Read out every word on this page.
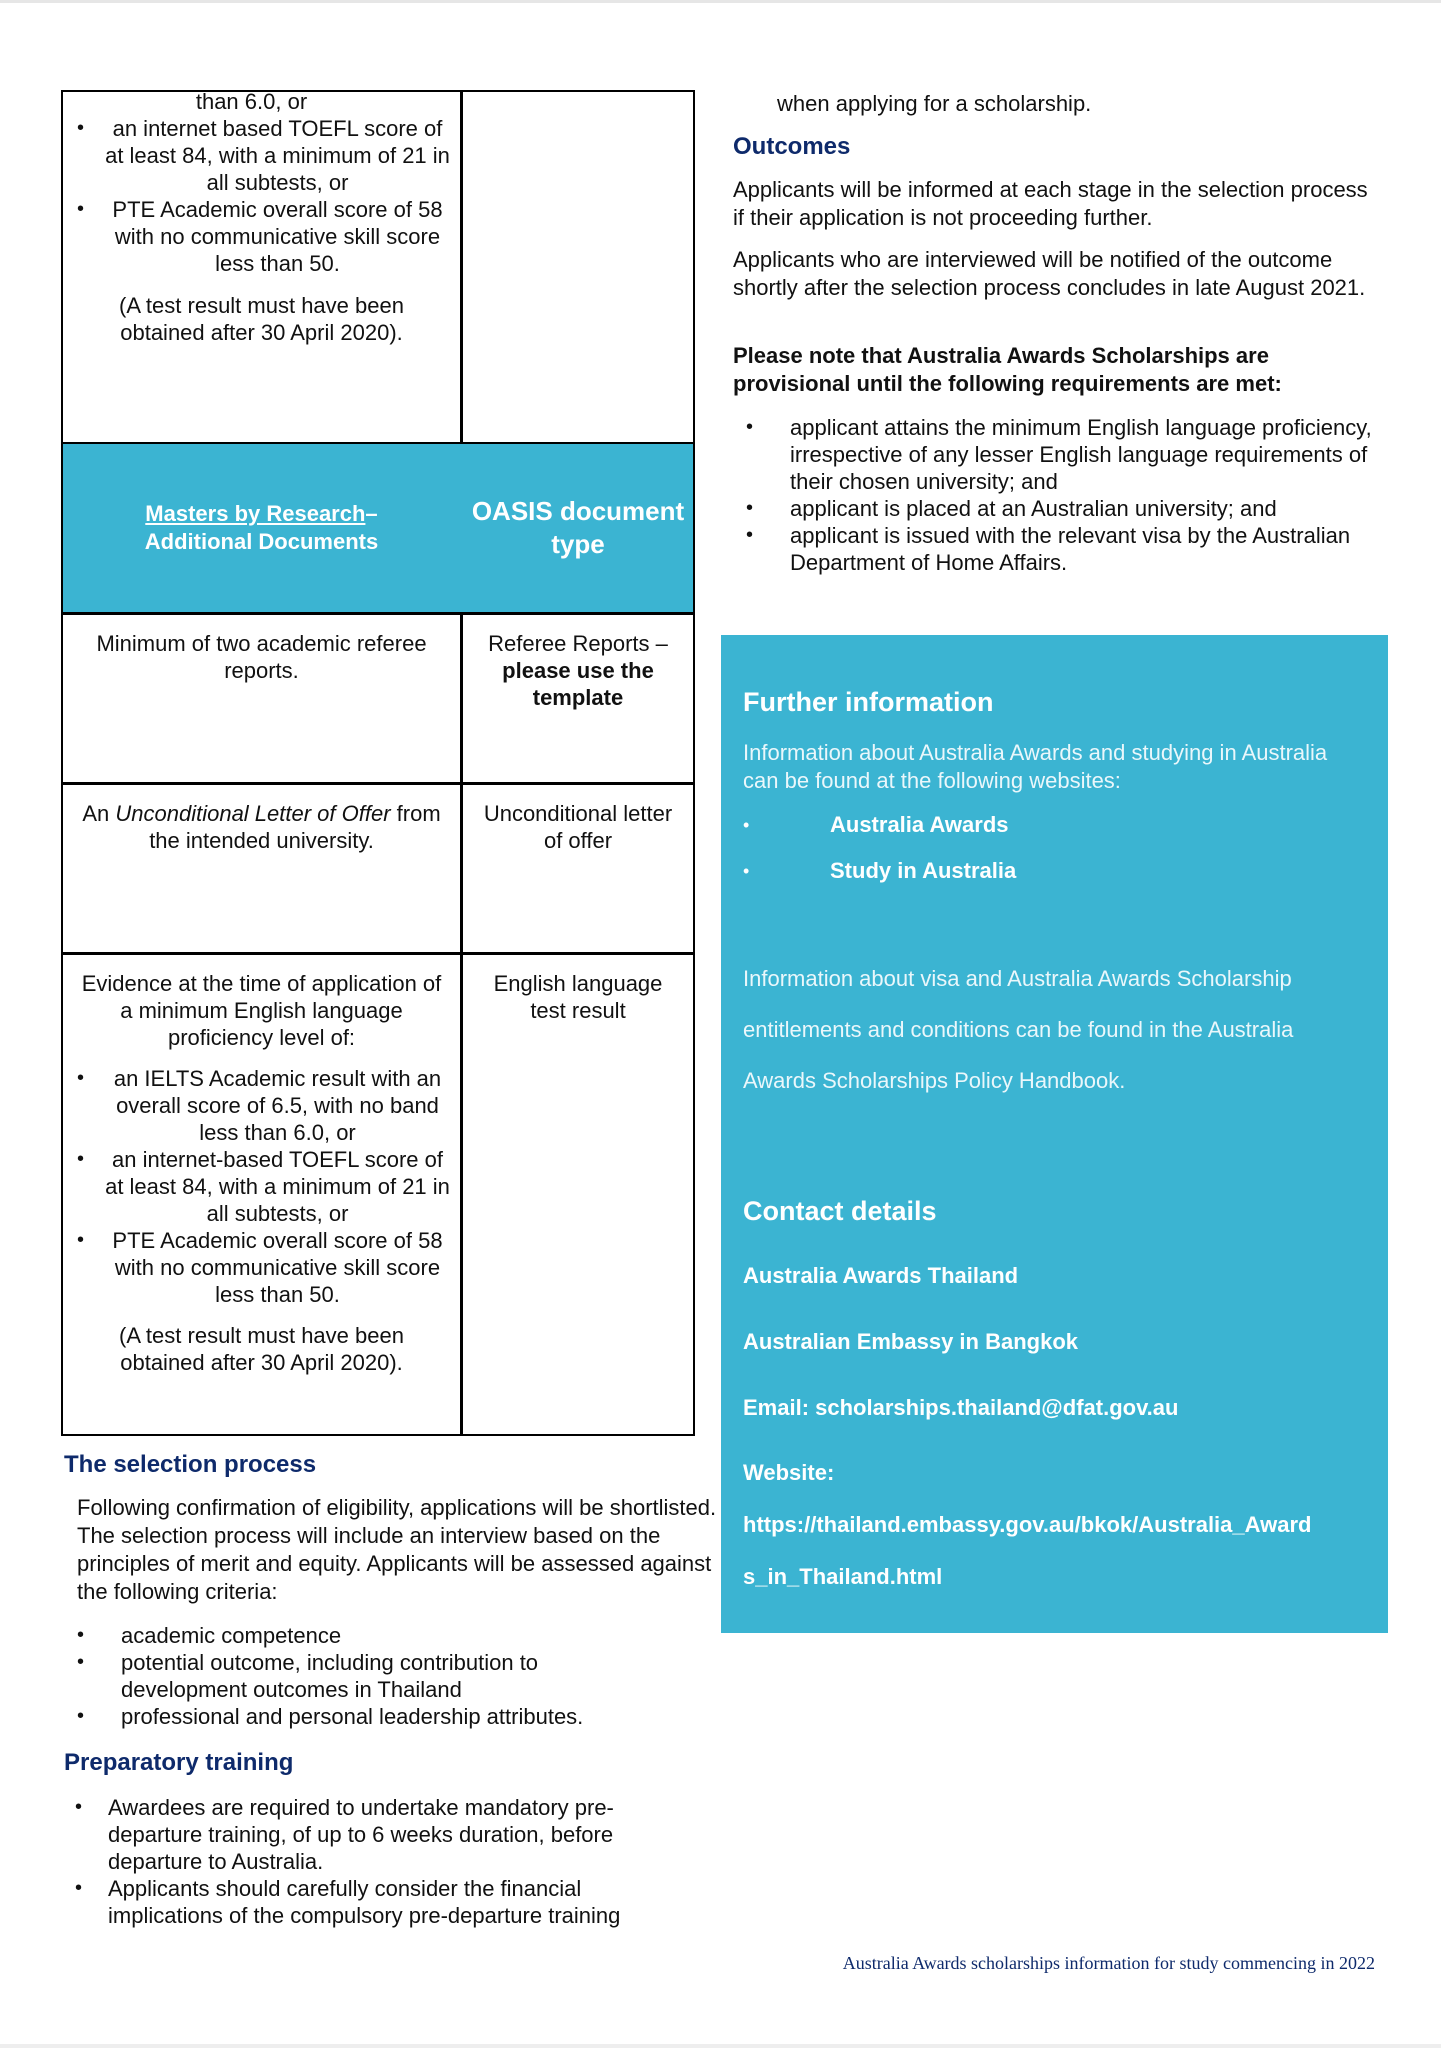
than 6.0, or
• an internet based TOEFL score of at least 84, with a minimum of 21 in all subtests, or
• PTE Academic overall score of 58 with no communicative skill score less than 50.
(A test result must have been obtained after 30 April 2020).
Masters by Research–
Additional Documents
OASIS document type
Minimum of two academic referee reports.
Referee Reports –
please use the template
An Unconditional Letter of Offer from the intended university.
Unconditional letter of offer
Evidence at the time of application of a minimum English language proficiency level of:
• an IELTS Academic result with an overall score of 6.5, with no band less than 6.0, or
• an internet-based TOEFL score of at least 84, with a minimum of 21 in all subtests, or
• PTE Academic overall score of 58 with no communicative skill score less than 50.
(A test result must have been obtained after 30 April 2020).
English language test result
The selection process
Following confirmation of eligibility, applications will be shortlisted. The selection process will include an interview based on the principles of merit and equity. Applicants will be assessed against the following criteria:
• academic competence
• potential outcome, including contribution to development outcomes in Thailand
• professional and personal leadership attributes.
Preparatory training
• Awardees are required to undertake mandatory pre-departure training, of up to 6 weeks duration, before departure to Australia.
• Applicants should carefully consider the financial implications of the compulsory pre-departure training
when applying for a scholarship.
Outcomes
Applicants will be informed at each stage in the selection process if their application is not proceeding further.
Applicants who are interviewed will be notified of the outcome shortly after the selection process concludes in late August 2021.
Please note that Australia Awards Scholarships are provisional until the following requirements are met:
• applicant attains the minimum English language proficiency, irrespective of any lesser English language requirements of their chosen university; and
• applicant is placed at an Australian university; and
• applicant is issued with the relevant visa by the Australian Department of Home Affairs.
Further information
Information about Australia Awards and studying in Australia can be found at the following websites:
•	Australia Awards
•	Study in Australia
Information about visa and Australia Awards Scholarship
entitlements and conditions can be found in the Australia
Awards Scholarships Policy Handbook.
Contact details
Australia Awards Thailand
Australian Embassy in Bangkok
Email: scholarships.thailand@dfat.gov.au
Website:
https://thailand.embassy.gov.au/bkok/Australia_Award
s_in_Thailand.html
Australia Awards scholarships information for study commencing in 2022
